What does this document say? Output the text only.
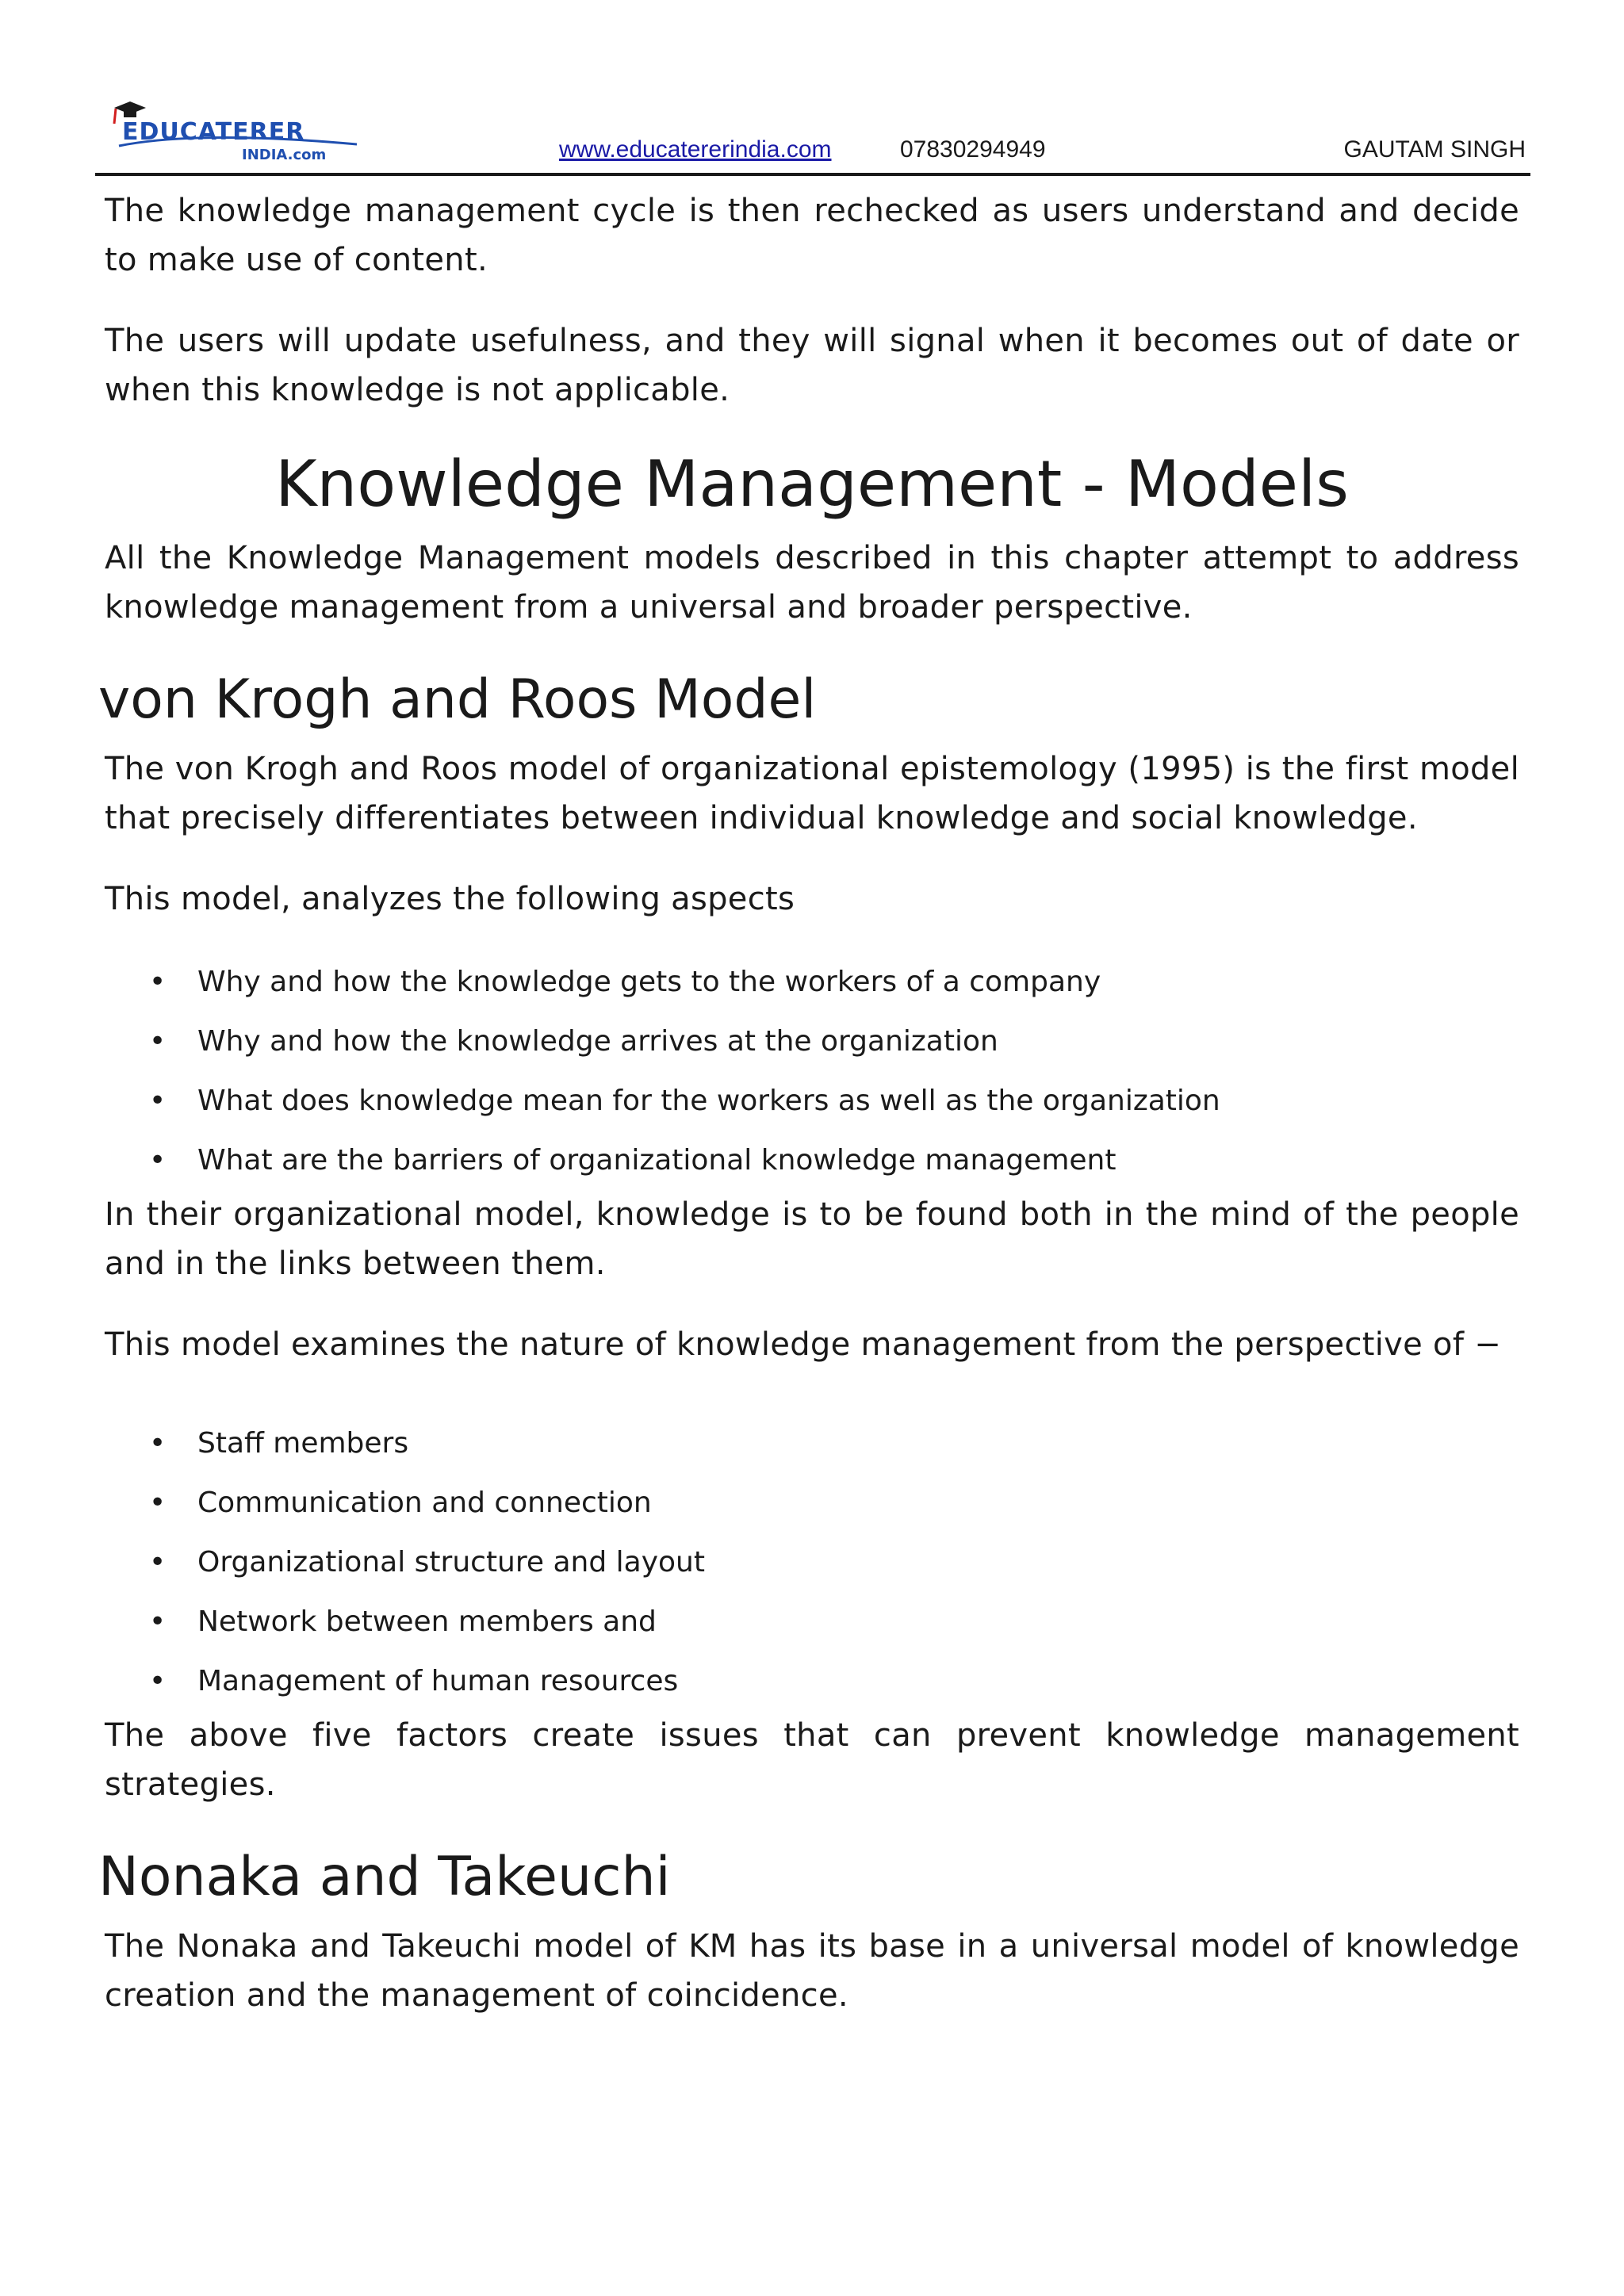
EDUCATERER
INDIA.com	www.educatererindia.com	07830294949	GAUTAM SINGH

The knowledge management cycle is then rechecked as users understand and decide to make use of content.

The users will update usefulness, and they will signal when it becomes out of date or when this knowledge is not applicable.

Knowledge Management - Models

All the Knowledge Management models described in this chapter attempt to address knowledge management from a universal and broader perspective.

von Krogh and Roos Model

The von Krogh and Roos model of organizational epistemology (1995) is the first model that precisely differentiates between individual knowledge and social knowledge.

This model, analyzes the following aspects

• Why and how the knowledge gets to the workers of a company
• Why and how the knowledge arrives at the organization
• What does knowledge mean for the workers as well as the organization
• What are the barriers of organizational knowledge management

In their organizational model, knowledge is to be found both in the mind of the people and in the links between them.

This model examines the nature of knowledge management from the perspective of −

• Staff members
• Communication and connection
• Organizational structure and layout
• Network between members and
• Management of human resources

The above five factors create issues that can prevent knowledge management strategies.

Nonaka and Takeuchi

The Nonaka and Takeuchi model of KM has its base in a universal model of knowledge creation and the management of coincidence.
